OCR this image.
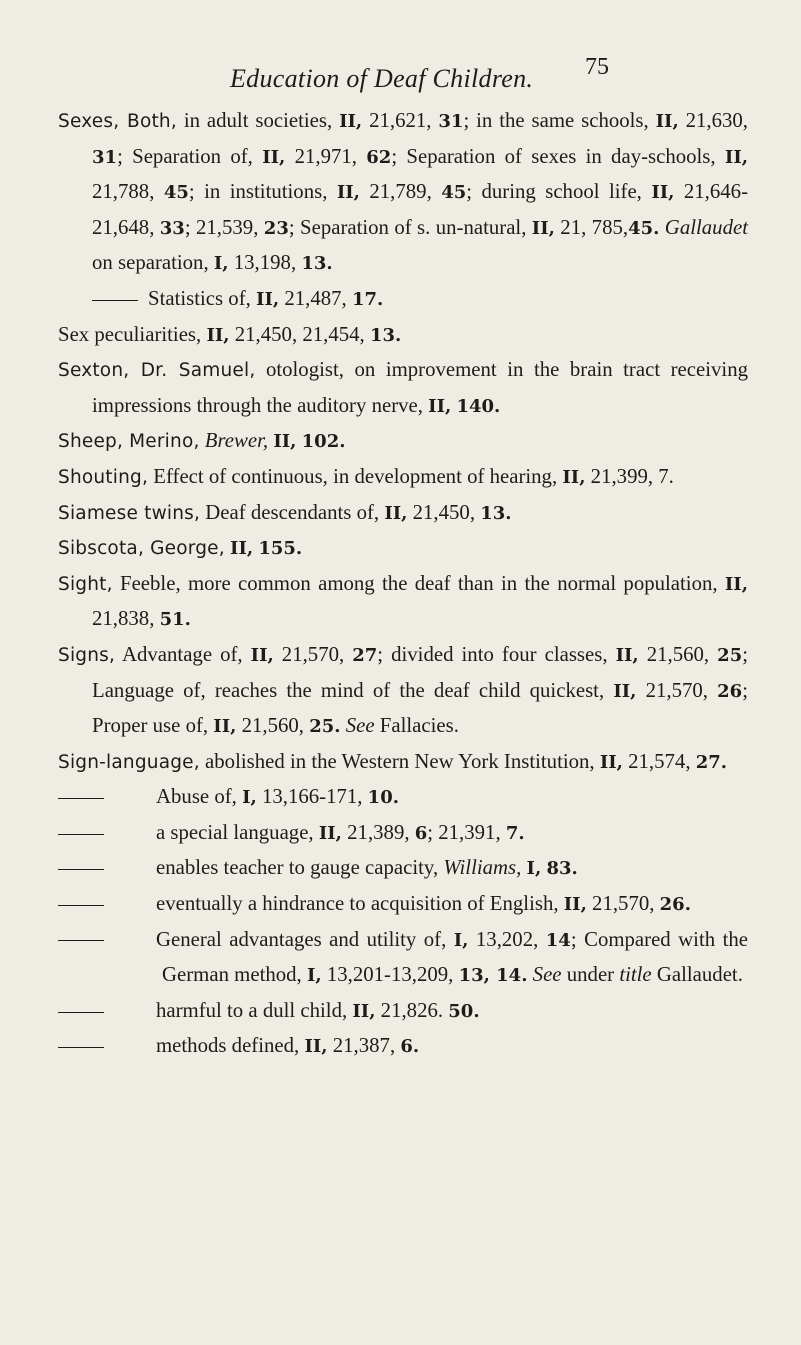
Education of Deaf Children. 75
Sexes, Both, in adult societies, II, 21,621, 31; in the same schools, II, 21,630, 31; Separation of, II, 21,971, 62; Separation of sexes in day-schools, II, 21,788, 45; in institutions, II, 21,789, 45; during school life, II, 21,646-21,648, 33; 21,539, 23; Separation of s. un-natural, II, 21, 785,45. Gallaudet on separation, I, 13,198, 13.
Statistics of, II, 21,487, 17.
Sex peculiarities, II, 21,450, 21,454, 13.
Sexton, Dr. Samuel, otologist, on improvement in the brain tract receiving impressions through the auditory nerve, II, 140.
Sheep, Merino, Brewer, II, 102.
Shouting, Effect of continuous, in development of hearing, II, 21,399, 7.
Siamese twins, Deaf descendants of, II, 21,450, 13.
Sibscota, George, II, 155.
Sight, Feeble, more common among the deaf than in the normal population, II, 21,838, 51.
Signs, Advantage of, II, 21,570, 27; divided into four classes, II, 21,560, 25; Language of, reaches the mind of the deaf child quickest, II, 21,570, 26; Proper use of, II, 21,560, 25. See Fallacies.
Sign-language, abolished in the Western New York Institution, II, 21,574, 27.
Abuse of, I, 13,166-171, 10.
a special language, II, 21,389, 6; 21,391, 7.
enables teacher to gauge capacity, Williams, I, 83.
eventually a hindrance to acquisition of English, II, 21,570, 26.
General advantages and utility of, I, 13,202, 14; Compared with the German method, I, 13,201-13,209, 13, 14. See under title Gallaudet.
harmful to a dull child, II, 21,826. 50.
methods defined, II, 21,387, 6.
